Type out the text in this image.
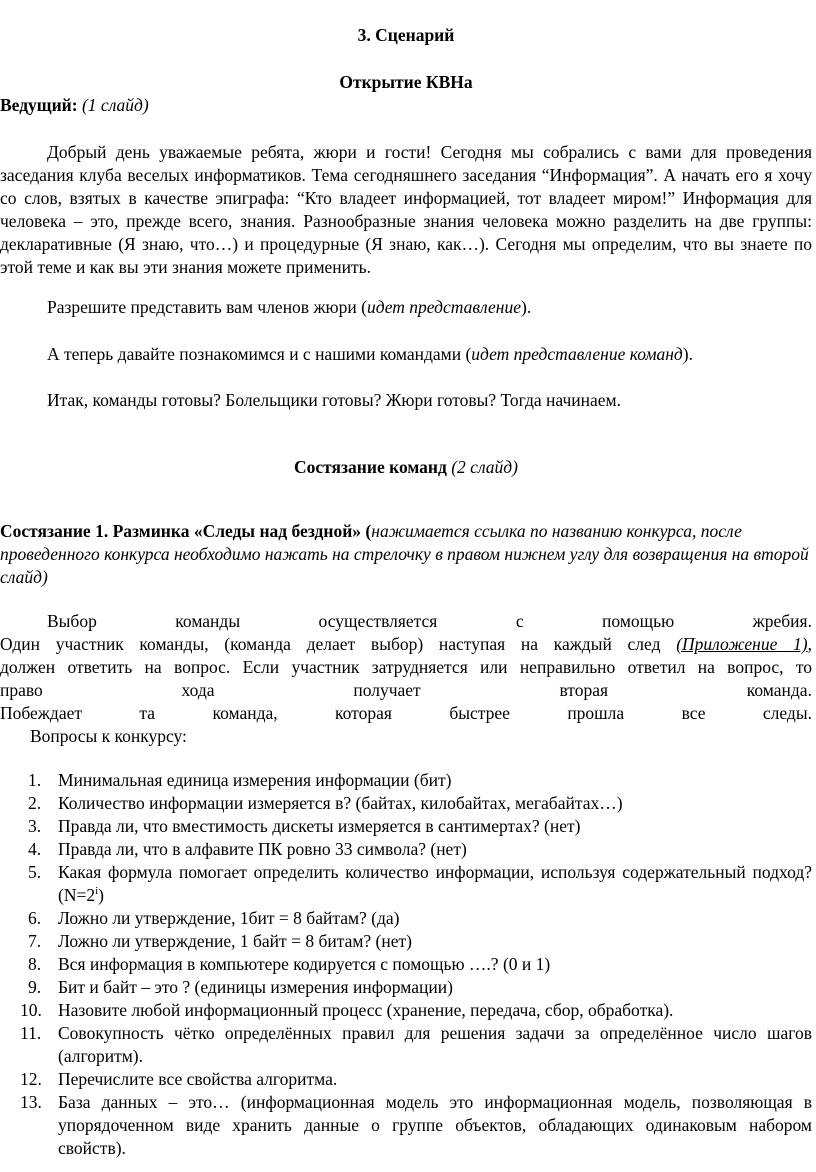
3. Сценарий
Открытие КВНа
Ведущий: (1 слайд)
Добрый день уважаемые ребята, жюри и гости! Сегодня мы собрались с вами для проведения заседания клуба веселых информатиков. Тема сегодняшнего заседания “Информация”. А начать его я хочу со слов, взятых в качестве эпиграфа: “Кто владеет информацией, тот владеет миром!” Информация для человека – это, прежде всего, знания. Разнообразные знания человека можно разделить на две группы: декларативные (Я знаю, что…) и процедурные (Я знаю, как…). Сегодня мы определим, что вы знаете по этой теме и как вы эти знания можете применить.
Разрешите представить вам членов жюри (идет представление).
А теперь давайте познакомимся и с нашими командами (идет представление команд).
Итак, команды готовы? Болельщики готовы? Жюри готовы? Тогда начинаем.
Состязание команд (2 слайд)
Состязание 1. Разминка «Следы над бездной» (нажимается ссылка по названию конкурса, после проведенного конкурса необходимо нажать на стрелочку в правом нижнем углу для возвращения на второй слайд)
Выбор	команды	осуществляется	с	помощью	жребия.
Один участник команды, (команда делает выбор) наступая на каждый след (Приложение 1),
должен ответить на вопрос. Если участник затрудняется или неправильно ответил на вопрос, то
право	хода	получает	вторая	команда.
Побеждает	та	команда,	которая	быстрее	прошла	все	следы.
Вопросы к конкурсу:
1. Минимальная единица измерения информации (бит)
2. Количество информации измеряется в? (байтах, килобайтах, мегабайтах…)
3. Правда ли, что вместимость дискеты измеряется в сантимертах? (нет)
4. Правда ли, что в алфавите ПК ровно 33 символа? (нет)
5. Какая формула помогает определить количество информации, используя содержательный подход? $(N=2^i)$
6. Ложно ли утверждение, 1бит = 8 байтам? (да)
7. Ложно ли утверждение, 1 байт = 8 битам? (нет)
8. Вся информация в компьютере кодируется с помощью ….? (0 и 1)
9. Бит и байт – это ? (единицы измерения информации)
10. Назовите любой информационный процесс (хранение, передача, сбор, обработка).
11. Совокупность чётко определённых правил для решения задачи за определённое число шагов (алгоритм).
12. Перечислите все свойства алгоритма.
13. База данных – это… (информационная модель это информационная модель, позволяющая в упорядоченном виде хранить данные о группе объектов, обладающих одинаковым набором свойств).
